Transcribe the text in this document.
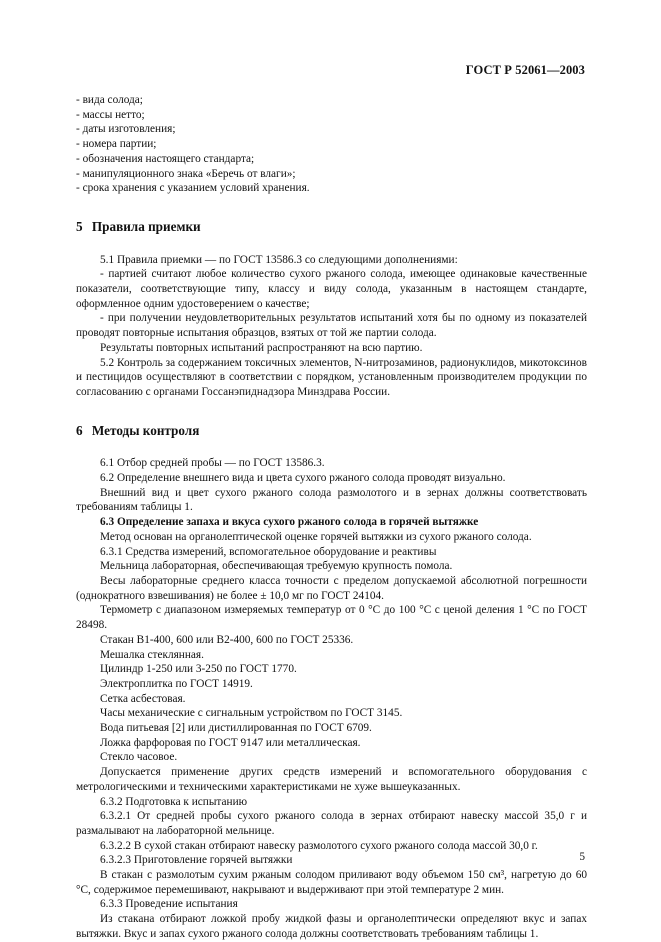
ГОСТ Р 52061—2003
- вида солода;
- массы нетто;
- даты изготовления;
- номера партии;
- обозначения настоящего стандарта;
- манипуляционного знака «Беречь от влаги»;
- срока хранения с указанием условий хранения.
5 Правила приемки

5.1 Правила приемки — по ГОСТ 13586.3 со следующими дополнениями:

- партией считают любое количество сухого ржаного солода, имеющее одинаковые качественные показатели, соответствующие типу, классу и виду солода, указанным в настоящем стандарте, оформленное одним удостоверением о качестве;

- при получении неудовлетворительных результатов испытаний хотя бы по одному из показателей проводят повторные испытания образцов, взятых от той же партии солода.

Результаты повторных испытаний распространяют на всю партию.

5.2 Контроль за содержанием токсичных элементов, N-нитрозаминов, радионуклидов, микотоксинов и пестицидов осуществляют в соответствии с порядком, установленным производителем продукции по согласованию с органами Госсанэпиднадзора Минздрава России.

6 Методы контроля

6.1 Отбор средней пробы — по ГОСТ 13586.3.

6.2 Определение внешнего вида и цвета сухого ржаного солода проводят визуально.

Внешний вид и цвет сухого ржаного солода размолотого и в зернах должны соответствовать требованиям таблицы 1.

6.3 Определение запаха и вкуса сухого ржаного солода в горячей вытяжке

Метод основан на органолептической оценке горячей вытяжки из сухого ржаного солода.

6.3.1 Средства измерений, вспомогательное оборудование и реактивы

Мельница лабораторная, обеспечивающая требуемую крупность помола.

Весы лабораторные среднего класса точности с пределом допускаемой абсолютной погрешности (однократного взвешивания) не более ± 10,0 мг по ГОСТ 24104.

Термометр с диапазоном измеряемых температур от 0 °С до 100 °С с ценой деления 1 °С по ГОСТ 28498.

Стакан В1-400, 600 или В2-400, 600 по ГОСТ 25336.

Мешалка стеклянная.

Цилиндр 1-250 или 3-250 по ГОСТ 1770.

Электроплитка по ГОСТ 14919.

Сетка асбестовая.

Часы механические с сигнальным устройством по ГОСТ 3145.

Вода питьевая [2] или дистиллированная по ГОСТ 6709.

Ложка фарфоровая по ГОСТ 9147 или металлическая.

Стекло часовое.

Допускается применение других средств измерений и вспомогательного оборудования с метрологическими и техническими характеристиками не хуже вышеуказанных.

6.3.2 Подготовка к испытанию

6.3.2.1 От средней пробы сухого ржаного солода в зернах отбирают навеску массой 35,0 г и размалывают на лабораторной мельнице.

6.3.2.2 В сухой стакан отбирают навеску размолотого сухого ржаного солода массой 30,0 г.

6.3.2.3 Приготовление горячей вытяжки

В стакан с размолотым сухим ржаным солодом приливают воду объемом 150 см³, нагретую до 60 °С, содержимое перемешивают, накрывают и выдерживают при этой температуре 2 мин.

6.3.3 Проведение испытания

Из стакана отбирают ложкой пробу жидкой фазы и органолептически определяют вкус и запах вытяжки. Вкус и запах сухого ржаного солода должны соответствовать требованиям таблицы 1.

5
